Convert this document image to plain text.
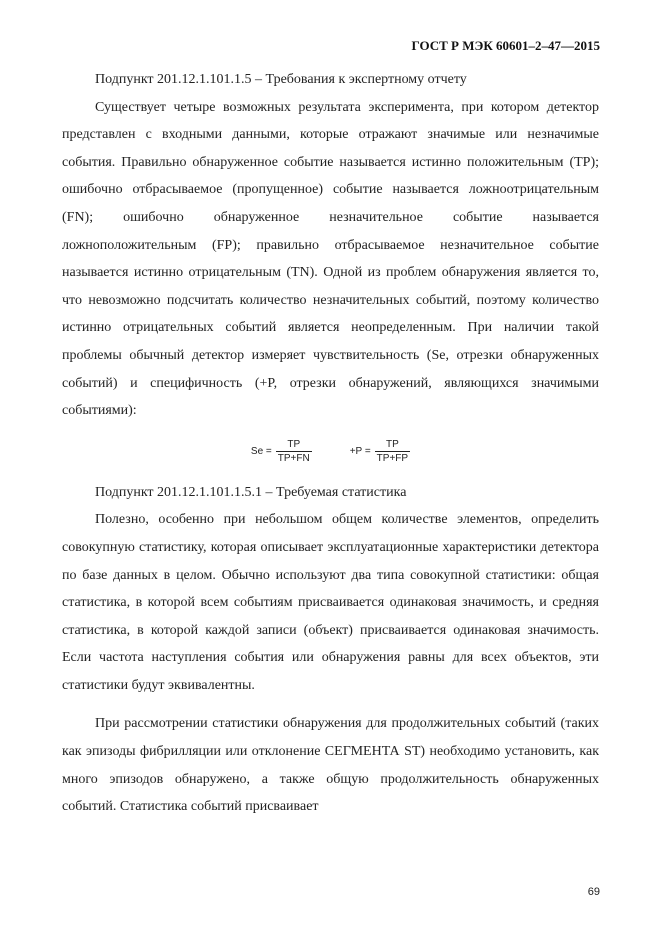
ГОСТ Р МЭК 60601–2–47—2015

Подпункт 201.12.1.101.1.5 – Требования к экспертному отчету

Существует четыре возможных результата эксперимента, при котором детектор представлен с входными данными, которые отражают значимые или незначимые события. Правильно обнаруженное событие называется истинно положительным (TP); ошибочно отбрасываемое (пропущенное) событие называется ложноотрицательным (FN); ошибочно обнаруженное незначительное событие называется ложноположительным (FP); правильно отбрасываемое незначительное событие называется истинно отрицательным (TN). Одной из проблем обнаружения является то, что невозможно подсчитать количество незначительных событий, поэтому количество истинно отрицательных событий является неопределенным. При наличии такой проблемы обычный детектор измеряет чувствительность (Se, отрезки обнаруженных событий) и специфичность (+P, отрезки обнаружений, являющихся значимыми событиями):

$Se = \frac{TP}{TP+FN}$	$+P = \frac{TP}{TP+FP}$

Подпункт 201.12.1.101.1.5.1 – Требуемая статистика

Полезно, особенно при небольшом общем количестве элементов, определить совокупную статистику, которая описывает эксплуатационные характеристики детектора по базе данных в целом. Обычно используют два типа совокупной статистики: общая статистика, в которой всем событиям присваивается одинаковая значимость, и средняя статистика, в которой каждой записи (объект) присваивается одинаковая значимость. Если частота наступления события или обнаружения равны для всех объектов, эти статистики будут эквивалентны.

При рассмотрении статистики обнаружения для продолжительных событий (таких как эпизоды фибрилляции или отклонение СЕГМЕНТА ST) необходимо установить, как много эпизодов обнаружено, а также общую продолжительность обнаруженных событий. Статистика событий присваивает

69
